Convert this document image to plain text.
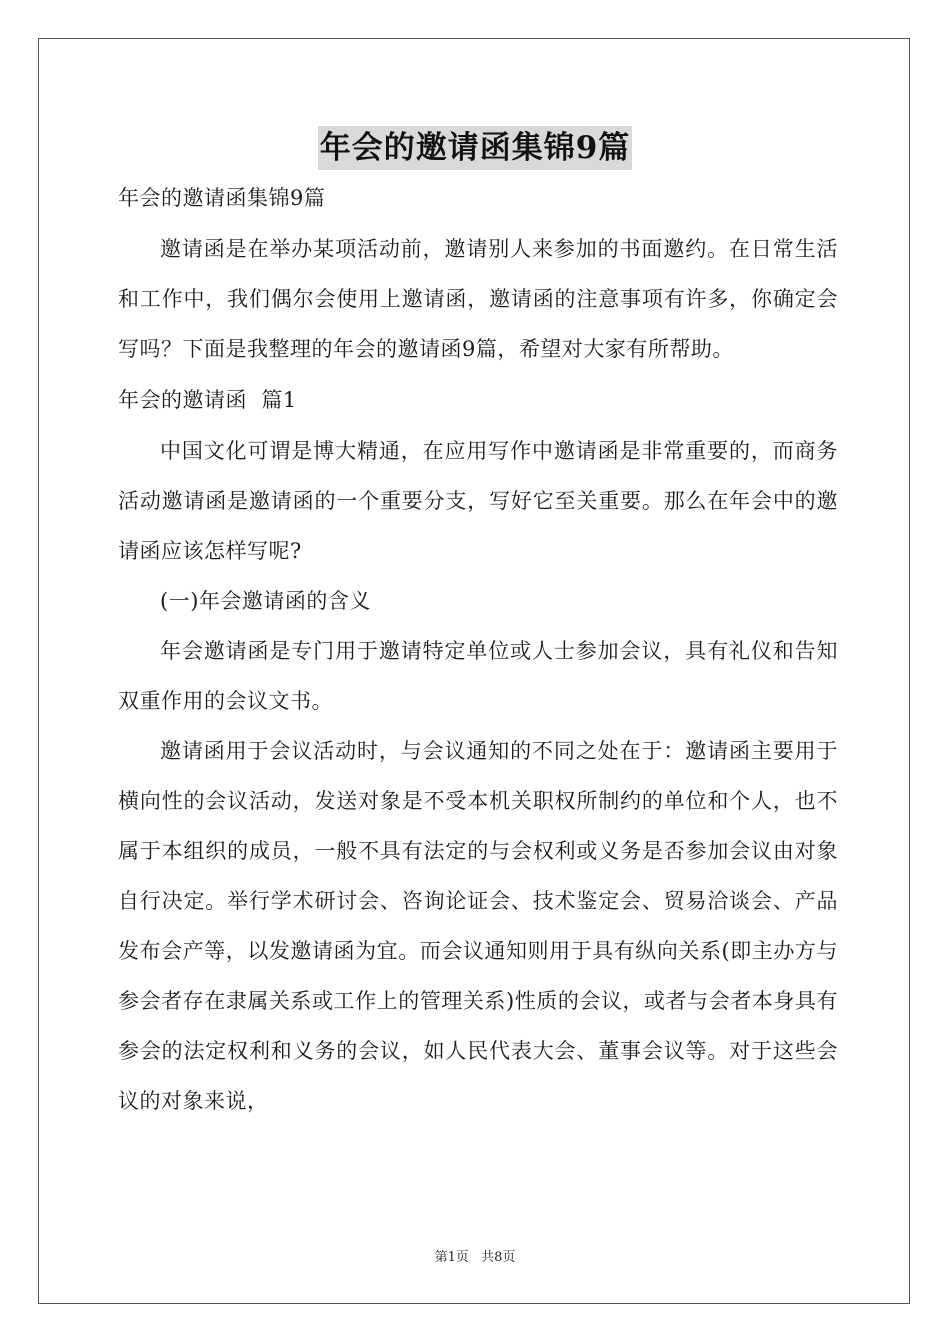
年会的邀请函集锦9篇

年会的邀请函集锦9篇

邀请函是在举办某项活动前，邀请别人来参加的书面邀约。在日常生活和工作中，我们偶尔会使用上邀请函，邀请函的注意事项有许多，你确定会写吗？下面是我整理的年会的邀请函9篇，希望对大家有所帮助。

年会的邀请函  篇1

中国文化可谓是博大精通，在应用写作中邀请函是非常重要的，而商务活动邀请函是邀请函的一个重要分支，写好它至关重要。那么在年会中的邀请函应该怎样写呢?

(一)年会邀请函的含义

年会邀请函是专门用于邀请特定单位或人士参加会议，具有礼仪和告知双重作用的会议文书。

邀请函用于会议活动时，与会议通知的不同之处在于：邀请函主要用于横向性的会议活动，发送对象是不受本机关职权所制约的单位和个人，也不属于本组织的成员，一般不具有法定的与会权利或义务是否参加会议由对象自行决定。举行学术研讨会、咨询论证会、技术鉴定会、贸易洽谈会、产品发布会产等，以发邀请函为宜。而会议通知则用于具有纵向关系(即主办方与参会者存在隶属关系或工作上的管理关系)性质的会议，或者与会者本身具有参会的法定权利和义务的会议，如人民代表大会、董事会议等。对于这些会议的对象来说，

第1页 共8页
